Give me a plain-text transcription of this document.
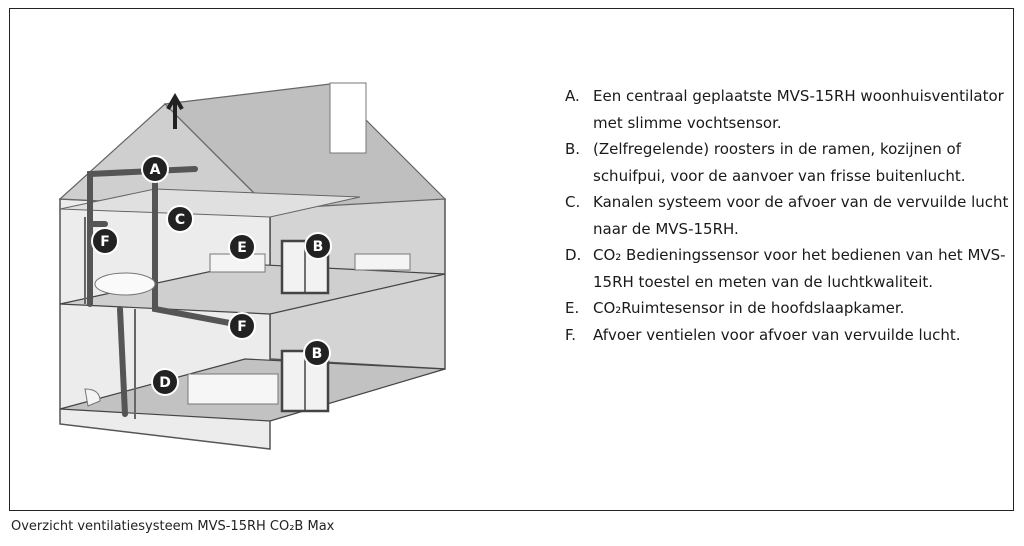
A
C
F	E	B
F
B
D
A. Een centraal geplaatste MVS-15RH woonhuisventilator met slimme vochtsensor.
B. (Zelfregelende) roosters in de ramen, kozijnen of schuifpui, voor de aanvoer van frisse buitenlucht.
C. Kanalen systeem voor de afvoer van de vervuilde lucht naar de MVS-15RH.
D. CO₂ Bedieningssensor voor het bedienen van het MVS-15RH toestel en meten van de luchtkwaliteit.
E. CO₂Ruimtesensor in de hoofdslaapkamer.
F. Afvoer ventielen voor afvoer van vervuilde lucht.
Overzicht ventilatiesysteem MVS-15RH CO₂B Max
